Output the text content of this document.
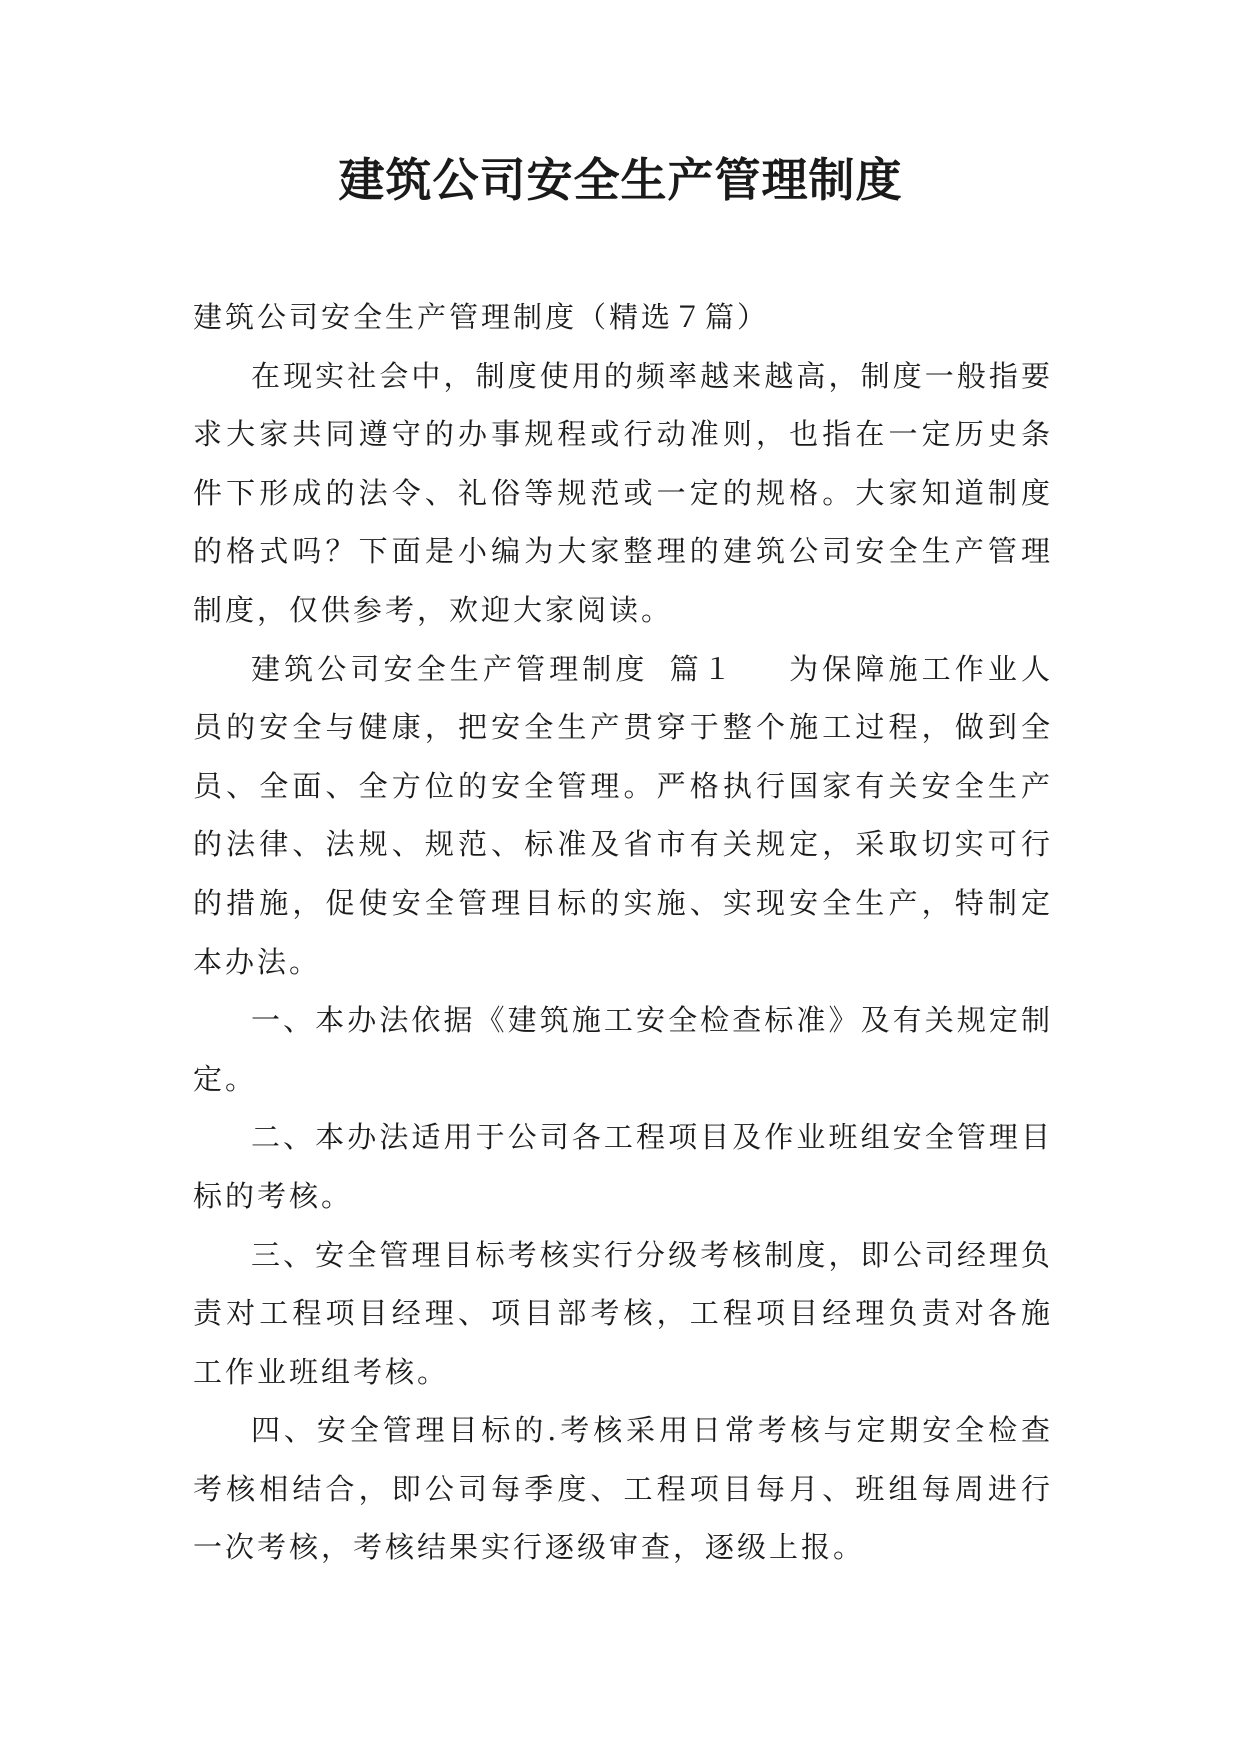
建筑公司安全生产管理制度

建筑公司安全生产管理制度（精选７篇）

在现实社会中，制度使用的频率越来越高，制度一般指要求大家共同遵守的办事规程或行动准则，也指在一定历史条件下形成的法令、礼俗等规范或一定的规格。大家知道制度的格式吗？下面是小编为大家整理的建筑公司安全生产管理制度，仅供参考，欢迎大家阅读。

建筑公司安全生产管理制度 篇１ 为保障施工作业人员的安全与健康，把安全生产贯穿于整个施工过程，做到全员、全面、全方位的安全管理。严格执行国家有关安全生产的法律、法规、规范、标准及省市有关规定，采取切实可行的措施，促使安全管理目标的实施、实现安全生产，特制定本办法。

一、本办法依据《建筑施工安全检查标准》及有关规定制定。

二、本办法适用于公司各工程项目及作业班组安全管理目标的考核。

三、安全管理目标考核实行分级考核制度，即公司经理负责对工程项目经理、项目部考核，工程项目经理负责对各施工作业班组考核。

四、安全管理目标的.考核采用日常考核与定期安全检查考核相结合，即公司每季度、工程项目每月、班组每周进行一次考核，考核结果实行逐级审查，逐级上报。
